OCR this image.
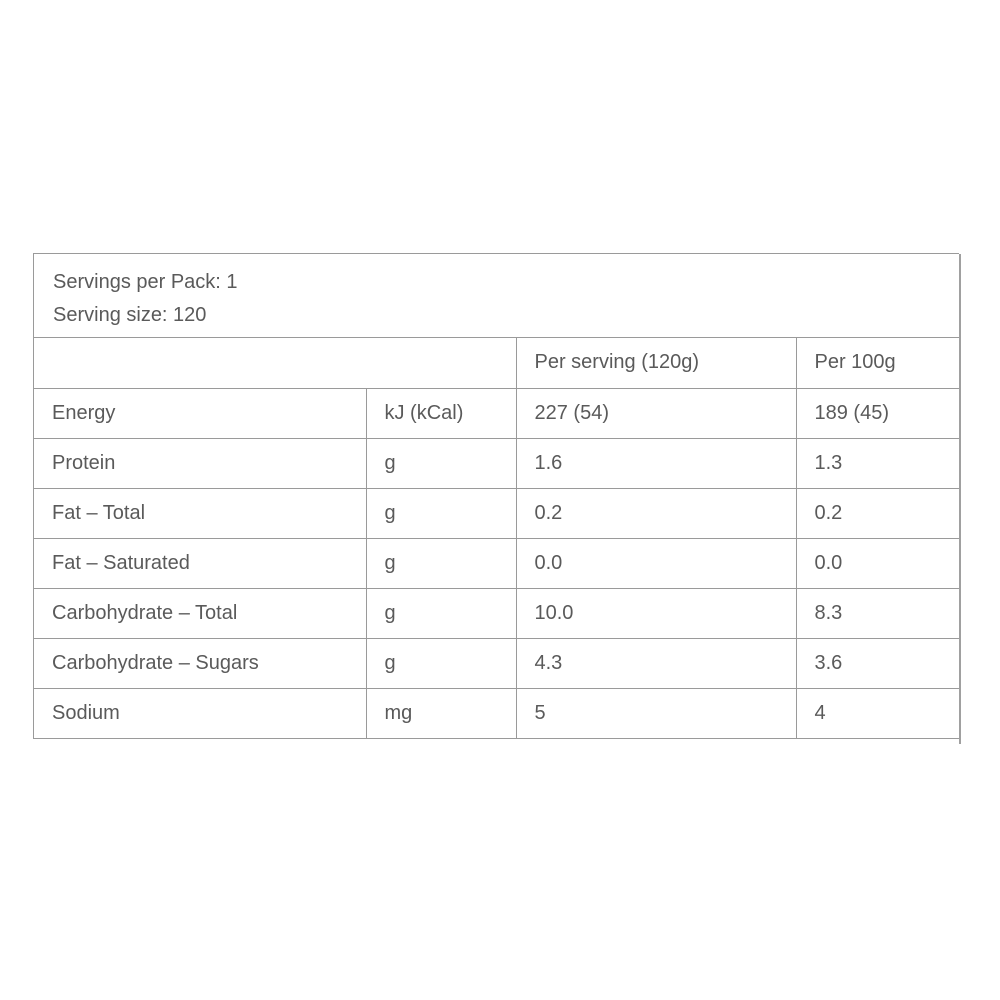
Servings per Pack: 1
Serving size: 120
		Per serving (120g)	Per 100g
Energy	kJ (kCal)	227 (54)	189 (45)
Protein	g	1.6	1.3
Fat – Total	g	0.2	0.2
Fat – Saturated	g	0.0	0.0
Carbohydrate – Total	g	10.0	8.3
Carbohydrate – Sugars	g	4.3	3.6
Sodium	mg	5	4
